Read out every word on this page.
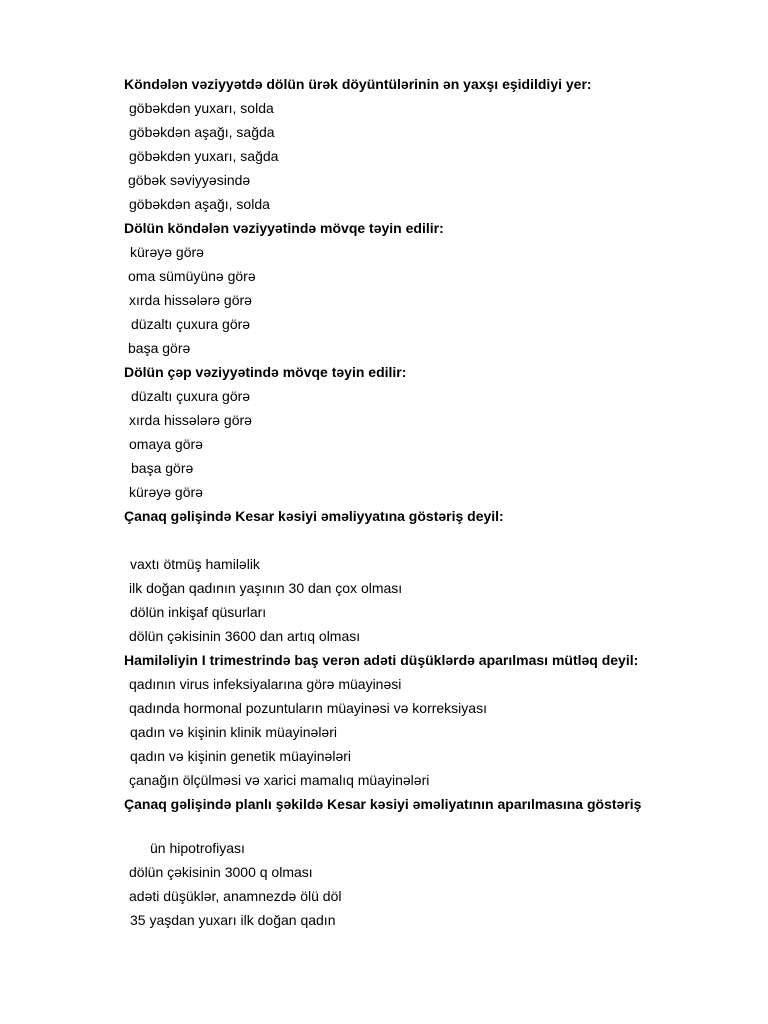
Köndələn vəziyyətdə dölün ürək döyüntülərinin ən yaxşı eşidildiyi yer:
göbəkdən yuxarı, solda
göbəkdən aşağı, sağda
göbəkdən yuxarı, sağda
göbək səviyyəsində
göbəkdən aşağı, solda
Dölün köndələn vəziyyətində mövqe təyin edilir:
kürəyə görə
oma sümüyünə görə
xırda hissələrə görə
düzaltı çuxura görə
başa görə
Dölün çəp vəziyyətində mövqe təyin edilir:
düzaltı çuxura görə
xırda hissələrə görə
omaya görə
başa görə
kürəyə görə
Çanaq gəlişində Kesar kəsiyi əməliyyatına göstəriş deyil:
vaxtı ötmüş hamiləlik
ilk doğan qadının yaşının 30 dan çox olması
dölün inkişaf qüsurları
dölün çəkisinin 3600 dan artıq olması
Hamiləliyin I trimestrində baş verən adəti düşüklərdə aparılması mütləq deyil:
qadının virus infeksiyalarına görə müayinəsi
qadında hormonal pozuntuların müayinəsi və korreksiyası
qadın və kişinin klinik müayinələri
qadın və kişinin genetik müayinələri
çanağın ölçülməsi və xarici mamalıq müayinələri
Çanaq gəlişində planlı şəkildə Kesar kəsiyi əməliyatının aparılmasına göstəriş
ün hipotrofiyası
dölün çəkisinin 3000 q olması
adəti düşüklər, anamnezdə ölü döl
35 yaşdan yuxarı ilk doğan qadın
